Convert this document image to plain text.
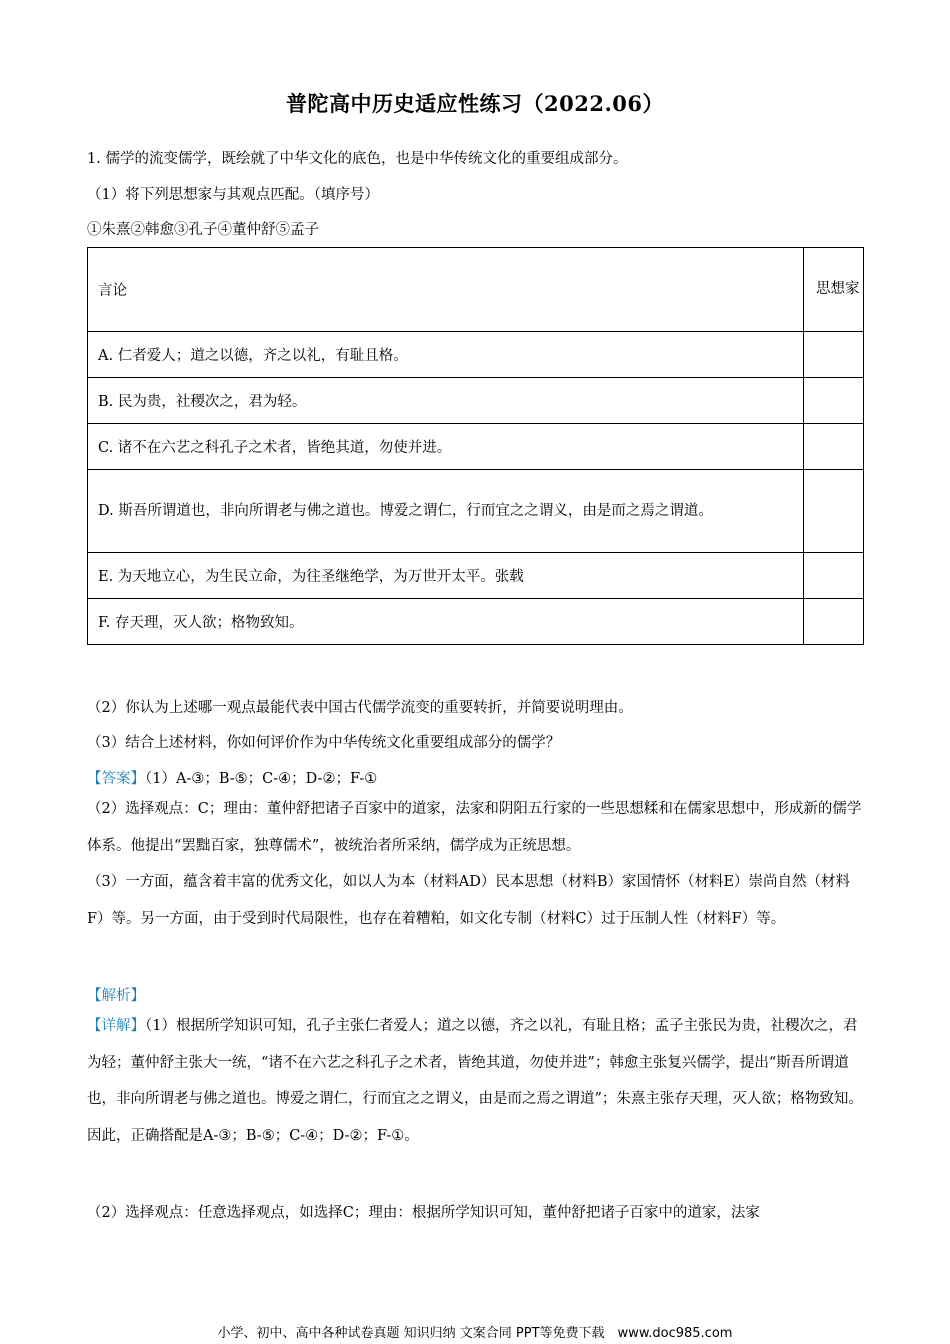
普陀高中历史适应性练习（2022.06）
1. 儒学的流变儒学，既绘就了中华文化的底色，也是中华传统文化的重要组成部分。
（1）将下列思想家与其观点匹配。（填序号）
①朱熹②韩愈③孔子④董仲舒⑤孟子
言论	思想家
A. 仁者爱人；道之以德，齐之以礼，有耻且格。	
B. 民为贵，社稷次之，君为轻。	
C. 诸不在六艺之科孔子之术者，皆绝其道，勿使并进。	
D. 斯吾所谓道也，非向所谓老与佛之道也。博爱之谓仁，行而宜之之谓义，由是而之焉之谓道。	
E. 为天地立心，为生民立命，为往圣继绝学，为万世开太平。张载	
F. 存天理，灭人欲；格物致知。	
（2）你认为上述哪一观点最能代表中国古代儒学流变的重要转折，并简要说明理由。
（3）结合上述材料，你如何评价作为中华传统文化重要组成部分的儒学？
【答案】（1）A-③；B-⑤；C-④；D-②；F-①
（2）选择观点：C；理由：董仲舒把诸子百家中的道家，法家和阴阳五行家的一些思想糅和在儒家思想中，形成新的儒学体系。他提出“罢黜百家，独尊儒术”，被统治者所采纳，儒学成为正统思想。
（3）一方面，蕴含着丰富的优秀文化，如以人为本（材料AD）民本思想（材料B）家国情怀（材料E）崇尚自然（材料F）等。另一方面，由于受到时代局限性，也存在着糟粕，如文化专制（材料C）过于压制人性（材料F）等。
【解析】
【详解】（1）根据所学知识可知，孔子主张仁者爱人；道之以德，齐之以礼，有耻且格；孟子主张民为贵，社稷次之，君为轻；董仲舒主张大一统，“诸不在六艺之科孔子之术者，皆绝其道，勿使并进”；韩愈主张复兴儒学，提出“斯吾所谓道也，非向所谓老与佛之道也。博爱之谓仁，行而宜之之谓义，由是而之焉之谓道”；朱熹主张存天理，灭人欲；格物致知。因此，正确搭配是A-③；B-⑤；C-④；D-②；F-①。
（2）选择观点：任意选择观点，如选择C；理由：根据所学知识可知，董仲舒把诸子百家中的道家，法家
小学、初中、高中各种试卷真题 知识归纳 文案合同 PPT等免费下载　www.doc985.com
